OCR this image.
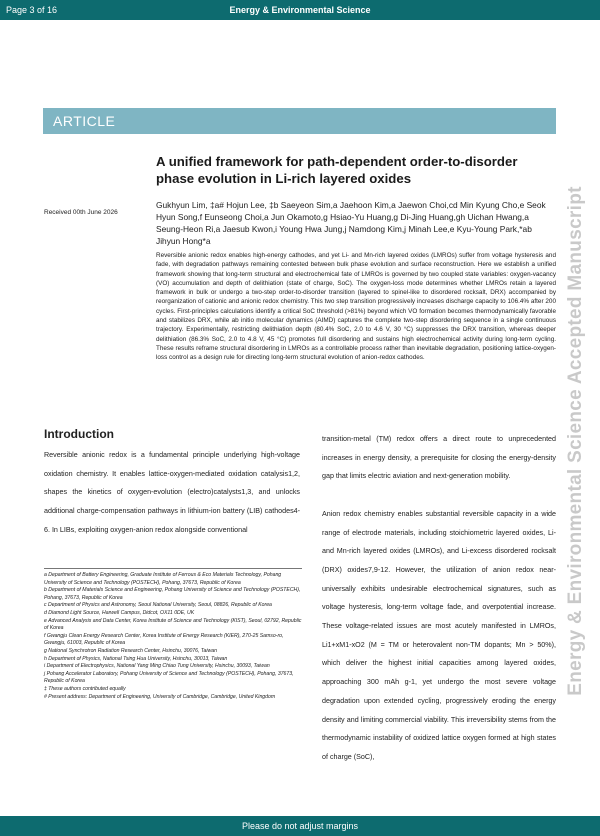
Page 3 of 16	Energy & Environmental Science
ARTICLE
Energy & Environmental Science Accepted Manuscript
A unified framework for path-dependent order-to-disorder phase evolution in Li-rich layered oxides
Received 00th June 2026
Gukhyun Lim, ‡a# Hojun Lee, ‡b Saeyeon Sim,a Jaehoon Kim,a Jaewon Choi,cd Min Kyung Cho,e Seok Hyun Song,f Eunseong Choi,a Jun Okamoto,g Hsiao-Yu Huang,g Di-Jing Huang,gh Uichan Hwang,a Seung-Heon Ri,a Jaesub Kwon,i Young Hwa Jung,j Namdong Kim,j Minah Lee,e Kyu-Young Park,*ab Jihyun Hong*a
Reversible anionic redox enables high-energy cathodes, and yet Li- and Mn-rich layered oxides (LMROs) suffer from voltage hysteresis and fade, with degradation pathways remaining contested between bulk phase evolution and surface reconstruction. Here we establish a unified framework showing that long-term structural and electrochemical fate of LMROs is governed by two coupled state variables: oxygen-vacancy (VO) accumulation and depth of delithiation (state of charge, SoC). The oxygen-loss mode determines whether LMROs retain a layered framework in bulk or undergo a two-step order-to-disorder transition (layered to spinel-like to disordered rocksalt, DRX) accompanied by reorganization of cationic and anionic redox chemistry. This two step transition progressively increases discharge capacity to 106.4% after 200 cycles. First-principles calculations identify a critical SoC threshold (>81%) beyond which VO formation becomes thermodynamically favorable and stabilizes DRX, while ab initio molecular dynamics (AIMD) captures the complete two-step disordering sequence in a single continuous trajectory. Experimentally, restricting delithiation depth (80.4% SoC, 2.0 to 4.6 V, 30 °C) suppresses the DRX transition, whereas deeper delithiation (86.3% SoC, 2.0 to 4.8 V, 45 °C) promotes full disordering and sustains high electrochemical activity during long-term cycling. These results reframe structural disordering in LMROs as a controllable process rather than inevitable degradation, positioning lattice-oxygen-loss control as a design rule for directing long-term structural evolution of anion-redox cathodes.
Introduction
Reversible anionic redox is a fundamental principle underlying high-voltage oxidation chemistry. It enables lattice-oxygen-mediated oxidation catalysis1,2, shapes the kinetics of oxygen-evolution (electro)catalysts1,3, and unlocks additional charge-compensation pathways in lithium-ion battery (LIB) cathodes4-6. In LIBs, exploiting oxygen-anion redox alongside conventional

transition-metal (TM) redox offers a direct route to unprecedented increases in energy density, a prerequisite for closing the energy-density gap that limits electric aviation and next-generation mobility.

Anion redox chemistry enables substantial reversible capacity in a wide range of electrode materials, including stoichiometric layered oxides, Li- and Mn-rich layered oxides (LMROs), and Li-excess disordered rocksalt (DRX) oxides7,9-12. However, the utilization of anion redox near-universally exhibits undesirable electrochemical signatures, such as voltage hysteresis, long-term voltage fade, and overpotential increase. These voltage-related issues are most acutely manifested in LMROs, Li1+xM1-xO2 (M = TM or heterovalent non-TM dopants; Mn > 50%), which deliver the highest initial capacities among layered oxides, approaching 300 mAh g-1, yet undergo the most severe voltage degradation upon extended cycling, progressively eroding the energy density and limiting commercial viability. This irreversibility stems from the thermodynamic instability of oxidized lattice oxygen formed at high states of charge (SoC),

a Department of Battery Engineering, Graduate Institute of Ferrous & Eco Materials Technology, Pohang University of Science and Technology (POSTECH), Pohang, 37673, Republic of Korea

b Department of Materials Science and Engineering, Pohang University of Science and Technology (POSTECH), Pohang, 37673, Republic of Korea

c Department of Physics and Astronomy, Seoul National University, Seoul, 08826, Republic of Korea

d Diamond Light Source, Harwell Campus, Didcot, OX11 0DE, UK

e Advanced Analysis and Data Center, Korea Institute of Science and Technology (KIST), Seoul, 02792, Republic of Korea

f Gwangju Clean Energy Research Center, Korea Institute of Energy Research (KIER), 270-25 Samso-ro, Gwangju, 61003, Republic of Korea

g National Synchrotron Radiation Research Center, Hsinchu, 30076, Taiwan

h Department of Physics, National Tsing Hua University, Hsinchu, 30013, Taiwan

i Department of Electrophysics, National Yang Ming Chiao Tung University, Hsinchu, 30093, Taiwan

j Pohang Accelerator Laboratory, Pohang University of Science and Technology (POSTECH), Pohang, 37673, Republic of Korea

‡ These authors contributed equally

# Present address: Department of Engineering, University of Cambridge, Cambridge, United Kingdom

Please do not adjust margins
